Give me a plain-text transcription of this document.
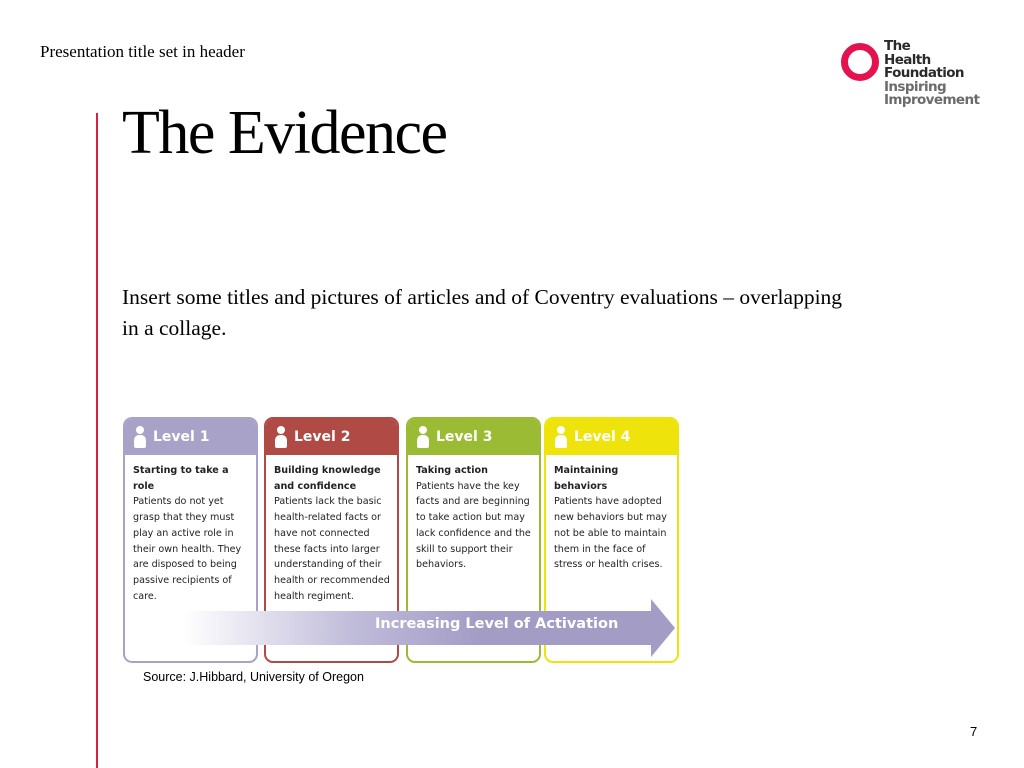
Presentation title set in header	The
Health
Foundation
Inspiring
Improvement
The Evidence
Insert some titles and pictures of articles and of Coventry evaluations – overlapping in a collage.
Level 1
Starting to take a role
Patients do not yet grasp that they must play an active role in their own health. They are disposed to being passive recipients of care.
Level 2
Building knowledge and confidence
Patients lack the basic health-related facts or have not connected these facts into larger understanding of their health or recommended health regiment.
Level 3
Taking action
Patients have the key facts and are beginning to take action but may lack confidence and the skill to support their behaviors.
Level 4
Maintaining behaviors
Patients have adopted new behaviors but may not be able to maintain them in the face of stress or health crises.
Increasing Level of Activation
Source: J.Hibbard, University of Oregon
7
